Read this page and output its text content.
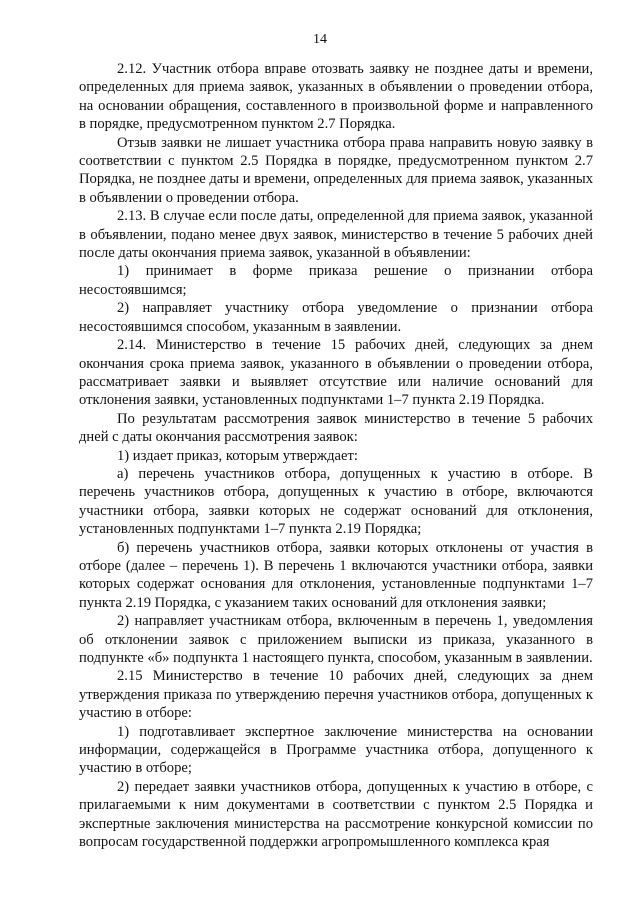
14

2.12. Участник отбора вправе отозвать заявку не позднее даты и времени, определенных для приема заявок, указанных в объявлении о проведении отбора, на основании обращения, составленного в произвольной форме и направленного в порядке, предусмотренном пунктом 2.7 Порядка.

Отзыв заявки не лишает участника отбора права направить новую заявку в соответствии с пунктом 2.5 Порядка в порядке, предусмотренном пунктом 2.7 Порядка, не позднее даты и времени, определенных для приема заявок, указанных в объявлении о проведении отбора.

2.13. В случае если после даты, определенной для приема заявок, указанной в объявлении, подано менее двух заявок, министерство в течение 5 рабочих дней после даты окончания приема заявок, указанной в объявлении:

1) принимает в форме приказа решение о признании отбора несостоявшимся;

2) направляет участнику отбора уведомление о признании отбора несостоявшимся способом, указанным в заявлении.

2.14. Министерство в течение 15 рабочих дней, следующих за днем окончания срока приема заявок, указанного в объявлении о проведении отбора, рассматривает заявки и выявляет отсутствие или наличие оснований для отклонения заявки, установленных подпунктами 1–7 пункта 2.19 Порядка.

По результатам рассмотрения заявок министерство в течение 5 рабочих дней с даты окончания рассмотрения заявок:

1) издает приказ, которым утверждает:

а) перечень участников отбора, допущенных к участию в отборе. В перечень участников отбора, допущенных к участию в отборе, включаются участники отбора, заявки которых не содержат оснований для отклонения, установленных подпунктами 1–7 пункта 2.19 Порядка;

б) перечень участников отбора, заявки которых отклонены от участия в отборе (далее – перечень 1). В перечень 1 включаются участники отбора, заявки которых содержат основания для отклонения, установленные подпунктами 1–7 пункта 2.19 Порядка, с указанием таких оснований для отклонения заявки;

2) направляет участникам отбора, включенным в перечень 1, уведомления об отклонении заявок с приложением выписки из приказа, указанного в подпункте «б» подпункта 1 настоящего пункта, способом, указанным в заявлении.

2.15 Министерство в течение 10 рабочих дней, следующих за днем утверждения приказа по утверждению перечня участников отбора, допущенных к участию в отборе:

1) подготавливает экспертное заключение министерства на основании информации, содержащейся в Программе участника отбора, допущенного к участию в отборе;

2) передает заявки участников отбора, допущенных к участию в отборе, с прилагаемыми к ним документами в соответствии с пунктом 2.5 Порядка и экспертные заключения министерства на рассмотрение конкурсной комиссии по вопросам государственной поддержки агропромышленного комплекса края
